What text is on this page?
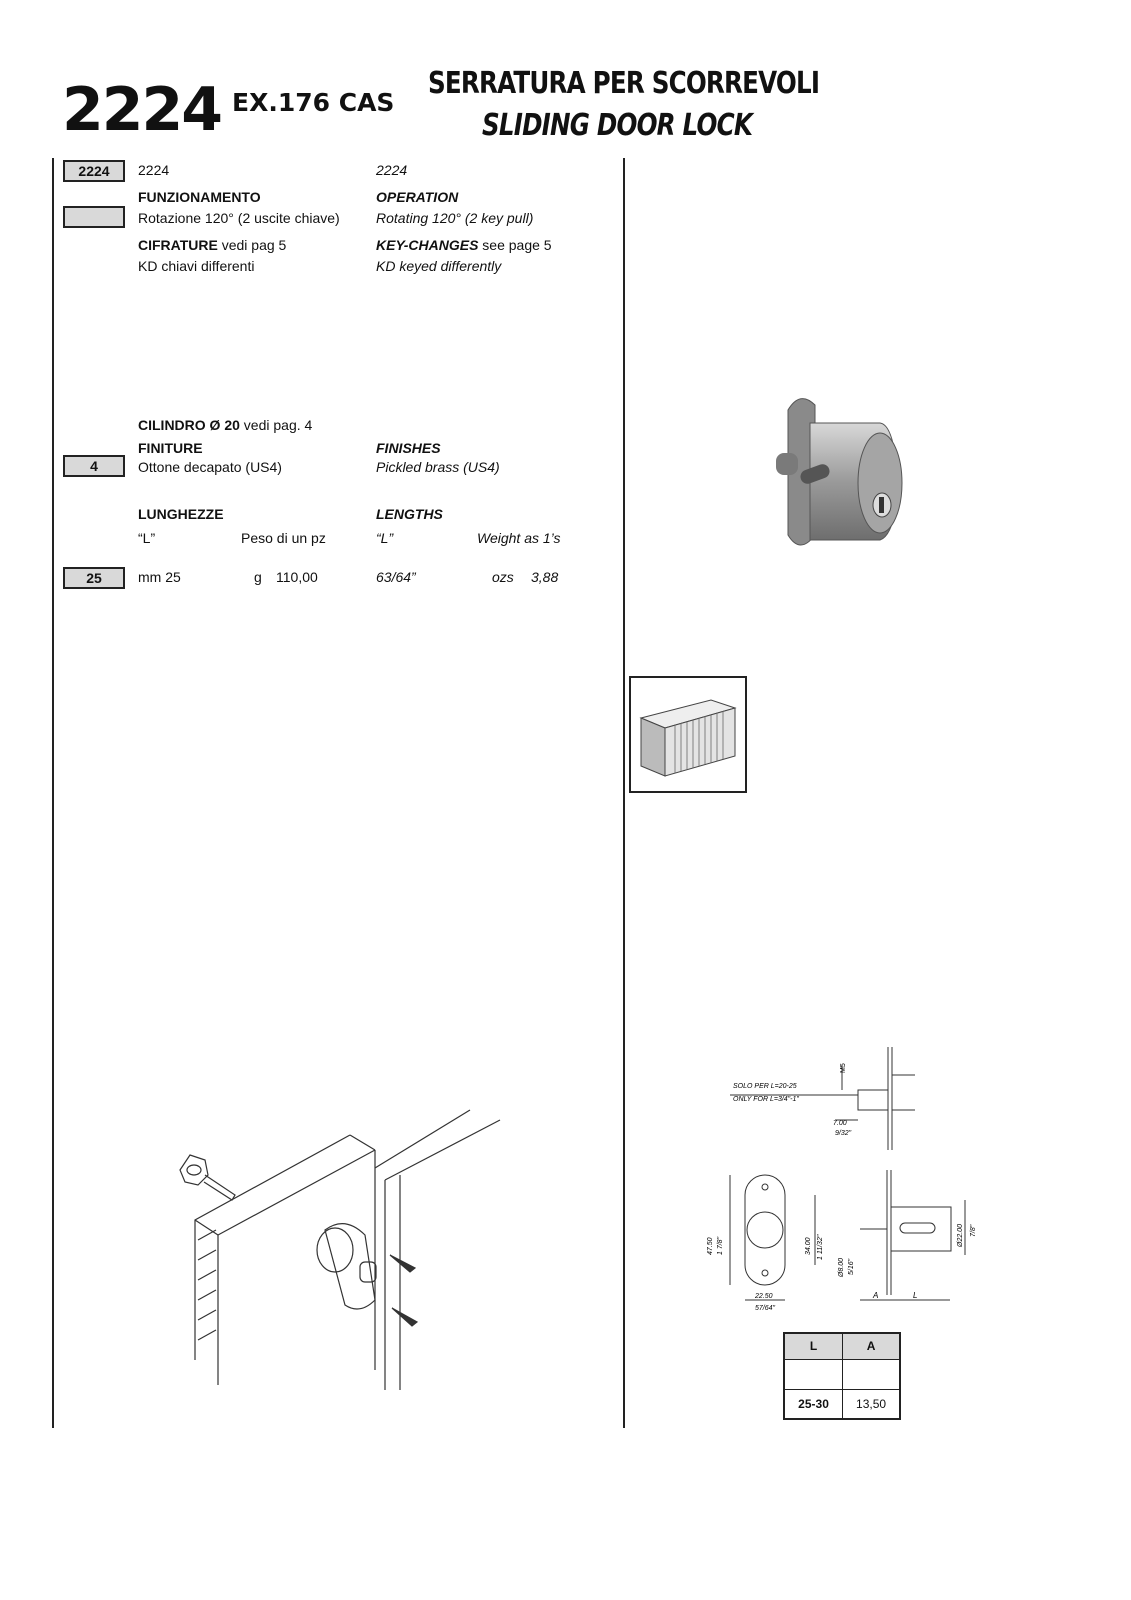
2224 EX.176 CAS
SERRATURA PER SCORREVOLI
SLIDING DOOR LOCK
2224
4
25
2224
FUNZIONAMENTO
Rotazione 120° (2 uscite chiave)
CIFRATURE vedi pag 5
KD chiavi differenti
CILINDRO Ø 20 vedi pag. 4
FINITURE
Ottone decapato (US4)
LUNGHEZZE
“L”	Peso di un pz
mm 25	g 110,00
2224
OPERATION
Rotating 120° (2 key pull)
KEY-CHANGES see page 5
KD keyed differently
FINISHES
Pickled brass (US4)
LENGTHS
“L”	Weight as 1’s
63/64”	ozs 3,88
SOLO PER L=20-25
ONLY FOR L=3/4"-1"
M5
7.00
9/32"
47.50 1 7/8"	34.00 1 11/32"
Ø8.00 5/16"
22.50
57/64"
Ø22.00 7/8"
A	L
L	A

25-30	13,50
